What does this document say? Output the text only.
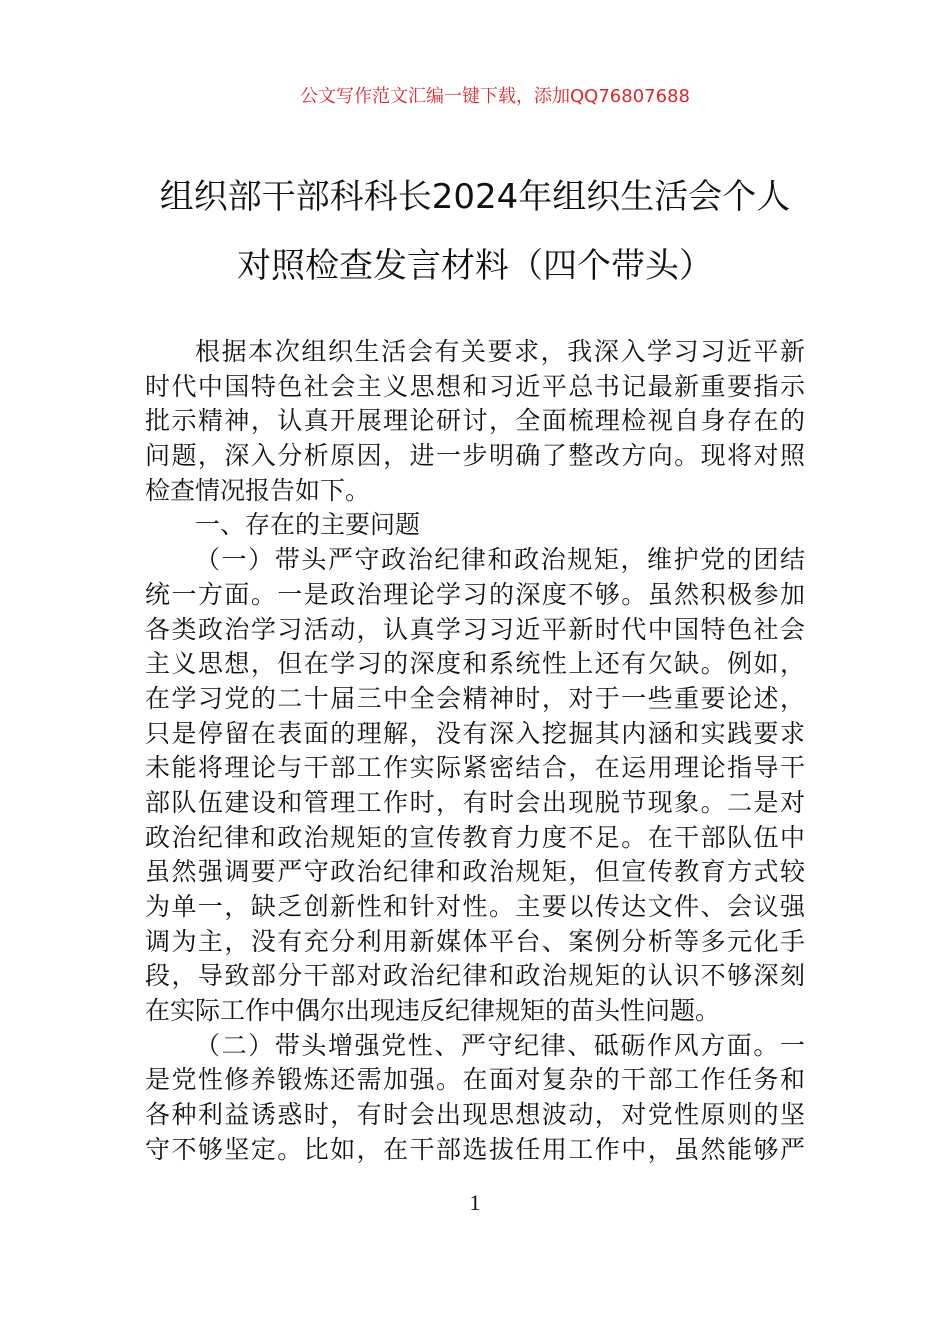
公文写作范文汇编一键下载，添加QQ76807688
组织部干部科科长2024年组织生活会个人
对照检查发言材料（四个带头）
根据本次组织生活会有关要求，我深入学习习近平新
时代中国特色社会主义思想和习近平总书记最新重要指示
批示精神，认真开展理论研讨，全面梳理检视自身存在的
问题，深入分析原因，进一步明确了整改方向。现将对照
检查情况报告如下。
一、存在的主要问题
（一）带头严守政治纪律和政治规矩，维护党的团结
统一方面。一是政治理论学习的深度不够。虽然积极参加
各类政治学习活动，认真学习习近平新时代中国特色社会
主义思想，但在学习的深度和系统性上还有欠缺。例如，
在学习党的二十届三中全会精神时，对于一些重要论述，
只是停留在表面的理解，没有深入挖掘其内涵和实践要求
未能将理论与干部工作实际紧密结合，在运用理论指导干
部队伍建设和管理工作时，有时会出现脱节现象。二是对
政治纪律和政治规矩的宣传教育力度不足。在干部队伍中
虽然强调要严守政治纪律和政治规矩，但宣传教育方式较
为单一，缺乏创新性和针对性。主要以传达文件、会议强
调为主，没有充分利用新媒体平台、案例分析等多元化手
段，导致部分干部对政治纪律和政治规矩的认识不够深刻
在实际工作中偶尔出现违反纪律规矩的苗头性问题。
（二）带头增强党性、严守纪律、砥砺作风方面。一
是党性修养锻炼还需加强。在面对复杂的干部工作任务和
各种利益诱惑时，有时会出现思想波动，对党性原则的坚
守不够坚定。比如，在干部选拔任用工作中，虽然能够严
1
